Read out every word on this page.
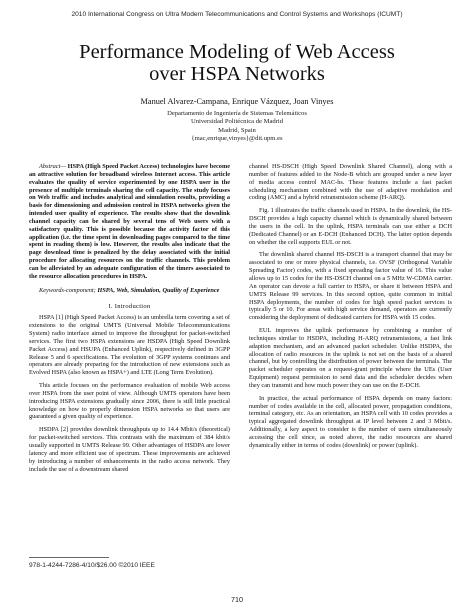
2010 International Congress on Ultra Modern Telecommunications and Control Systems and Workshops (ICUMT)
Performance Modeling of Web Access
over HSPA Networks
Manuel Alvarez-Campana, Enrique Vázquez, Joan Vinyes
Departamento de Ingeniería de Sistemas Telemáticos
Universidad Politécnica de Madrid
Madrid, Spain
{mac,enrique,vinyes}@dit.upm.es
Abstract— HSPA (High Speed Packet Access) technologies have become an attractive solution for broadband wireless Internet access. This article evaluates the quality of service experimented by one HSPA user in the presence of multiple terminals sharing the cell capacity. The study focuses on Web traffic and includes analytical and simulation results, providing a basis for dimensioning and admission control in HSPA networks given the intended user quality of experience. The results show that the downlink channel capacity can be shared by several tens of Web users with a satisfactory quality. This is possible because the activity factor of this application (i.e. the time spent in downloading pages compared to the time spent in reading them) is low. However, the results also indicate that the page download time is penalized by the delay associated with the initial procedure for allocating resources on the traffic channels. This problem can be alleviated by an adequate configuration of the timers associated to the resource allocation procedures in HSPA.
Keywords-component; HSPA, Web, Simulation, Quality of Experience
I. Introduction

HSPA [1] (High Speed Packet Access) is an umbrella term covering a set of extensions to the original UMTS (Universal Mobile Telecommunications System) radio interface aimed to improve the throughput for packet-switched services. The first two HSPA extensions are HSDPA (High Speed Downlink Packet Access) and HSUPA (Enhanced Uplink), respectively defined in 3GPP Release 5 and 6 specifications. The evolution of 3GPP systems continues and operators are already preparing for the introduction of new extensions such as Evolved HSPA (also known as HSPA+) and LTE (Long Term Evolution).

This article focuses on the performance evaluation of mobile Web access over HSPA from the user point of view. Although UMTS operators have been introducing HSPA extensions gradually since 2006, there is still little practical knowledge on how to properly dimension HSPA networks so that users are guaranteed a given quality of experience.

HSDPA [2] provides downlink throughputs up to 14.4 Mbit/s (theoretical) for packet-switched services. This contrasts with the maximum of 384 kbit/s usually supported in UMTS Release 99. Other advantages of HSDPA are lower latency and more efficient use of spectrum. These improvements are achieved by introducing a number of enhancements in the radio access network. They include the use of a downstream shared

channel HS-DSCH (High Speed Downlink Shared Channel), along with a number of features added to the Node-B which are grouped under a new layer of media access control MAC-hs. These features include a fast packet scheduling mechanism combined with the use of adaptive modulation and coding (AMC) and a hybrid retransmission scheme (H-ARQ).

Fig. 1 illustrates the traffic channels used in HSPA. In the downlink, the HS-DSCH provides a high capacity channel which is dynamically shared between the users in the cell. In the uplink, HSPA terminals can use either a DCH (Dedicated Channel) or an E-DCH (Enhanced DCH). The latter option depends on whether the cell supports EUL or not.

The downlink shared channel HS-DSCH is a transport channel that may be associated to one or more physical channels, i.e. OVSF (Orthogonal Variable Spreading Factor) codes, with a fixed spreading factor value of 16. This value allows up to 15 codes for the HS-DSCH channel on a 5 MHz W-CDMA carrier. An operator can devote a full carrier to HSPA, or share it between HSPA and UMTS Release 99 services. In this second option, quite common in initial HSPA deployments, the number of codes for high speed packet services is typically 5 or 10. For areas with high service demand, operators are currently considering the deployment of dedicated carriers for HSPA with 15 codes.

EUL improves the uplink performance by combining a number of techniques similar to HSDPA, including H-ARQ retransmissions, a fast link adaption mechanism, and an advanced packet scheduler. Unlike HSDPA, the allocation of radio resources in the uplink is not set on the basis of a shared channel, but by controlling the distribution of power between the terminals. The packet scheduler operates on a request-grant principle where the UEs (User Equipment) request permission to send data and the scheduler decides when they can transmit and how much power they can use on the E-DCH.

In practice, the actual performance of HSPA depends on many factors: number of codes available in the cell, allocated power, propagation conditions, terminal category, etc. As an orientation, an HSPA cell with 10 codes provides a typical aggregated downlink throughput at IP level between 2 and 3 Mbit/s. Additionally, a key aspect to consider is the number of users simultaneously accessing the cell since, as noted above, the radio resources are shared dynamically either in terms of codes (downlink) or power (uplink).

978-1-4244-7286-4/10/$26.00 ©2010 IEEE
710
